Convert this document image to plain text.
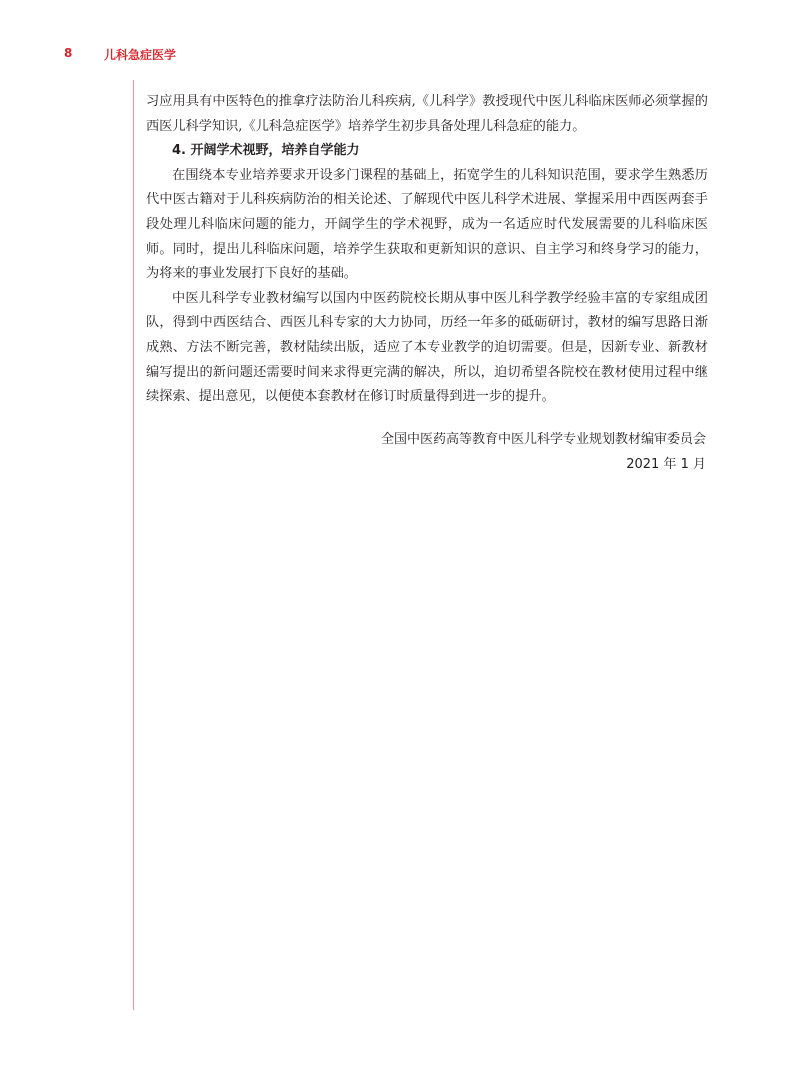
8	儿科急症医学

习应用具有中医特色的推拿疗法防治儿科疾病,《儿科学》教授现代中医儿科临床医师必须掌握的西医儿科学知识,《儿科急症医学》培养学生初步具备处理儿科急症的能力。

4. 开阔学术视野，培养自学能力

在围绕本专业培养要求开设多门课程的基础上，拓宽学生的儿科知识范围，要求学生熟悉历代中医古籍对于儿科疾病防治的相关论述、了解现代中医儿科学术进展、掌握采用中西医两套手段处理儿科临床问题的能力，开阔学生的学术视野，成为一名适应时代发展需要的儿科临床医师。同时，提出儿科临床问题，培养学生获取和更新知识的意识、自主学习和终身学习的能力，为将来的事业发展打下良好的基础。

中医儿科学专业教材编写以国内中医药院校长期从事中医儿科学教学经验丰富的专家组成团队，得到中西医结合、西医儿科专家的大力协同，历经一年多的砥砺研讨，教材的编写思路日渐成熟、方法不断完善，教材陆续出版，适应了本专业教学的迫切需要。但是，因新专业、新教材编写提出的新问题还需要时间来求得更完满的解决，所以，迫切希望各院校在教材使用过程中继续探索、提出意见，以便使本套教材在修订时质量得到进一步的提升。

全国中医药高等教育中医儿科学专业规划教材编审委员会
2021 年 1 月
